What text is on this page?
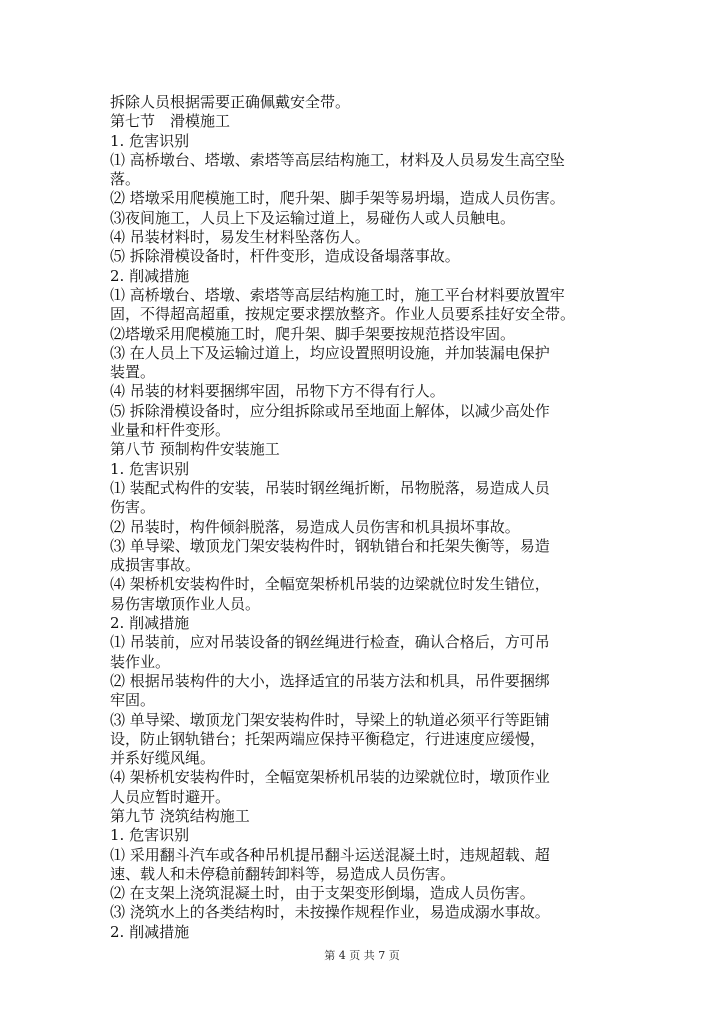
拆除人员根据需要正确佩戴安全带。
第七节　滑模施工
1. 危害识别
⑴ 高桥墩台、塔墩、索塔等高层结构施工，材料及人员易发生高空坠
落。
⑵ 塔墩采用爬模施工时，爬升架、脚手架等易坍塌，造成人员伤害。
⑶夜间施工，人员上下及运输过道上，易碰伤人或人员触电。
⑷ 吊装材料时，易发生材料坠落伤人。
⑸ 拆除滑模设备时，杆件变形，造成设备塌落事故。
2. 削减措施
⑴ 高桥墩台、塔墩、索塔等高层结构施工时，施工平台材料要放置牢
固，不得超高超重，按规定要求摆放整齐。作业人员要系挂好安全带。
⑵塔墩采用爬模施工时，爬升架、脚手架要按规范搭设牢固。
⑶ 在人员上下及运输过道上，均应设置照明设施，并加装漏电保护
装置。
⑷ 吊装的材料要捆绑牢固，吊物下方不得有行人。
⑸ 拆除滑模设备时，应分组拆除或吊至地面上解体，以减少高处作
业量和杆件变形。
第八节 预制构件安装施工
1. 危害识别
⑴ 装配式构件的安装，吊装时钢丝绳折断，吊物脱落，易造成人员
伤害。
⑵ 吊装时，构件倾斜脱落，易造成人员伤害和机具损坏事故。
⑶ 单导梁、墩顶龙门架安装构件时，钢轨错台和托架失衡等，易造
成损害事故。
⑷ 架桥机安装构件时，全幅宽架桥机吊装的边梁就位时发生错位，
易伤害墩顶作业人员。
2. 削减措施
⑴ 吊装前，应对吊装设备的钢丝绳进行检查，确认合格后，方可吊
装作业。
⑵ 根据吊装构件的大小，选择适宜的吊装方法和机具，吊件要捆绑
牢固。
⑶ 单导梁、墩顶龙门架安装构件时，导梁上的轨道必须平行等距铺
设，防止钢轨错台；托架两端应保持平衡稳定，行进速度应缓慢，
并系好缆风绳。
⑷ 架桥机安装构件时，全幅宽架桥机吊装的边梁就位时，墩顶作业
人员应暂时避开。
第九节 浇筑结构施工
1. 危害识别
⑴ 采用翻斗汽车或各种吊机提吊翻斗运送混凝土时，违规超载、超
速、载人和未停稳前翻转卸料等，易造成人员伤害。
⑵ 在支架上浇筑混凝土时，由于支架变形倒塌，造成人员伤害。
⑶ 浇筑水上的各类结构时，未按操作规程作业，易造成溺水事故。
2. 削减措施
第 4 页 共 7 页
